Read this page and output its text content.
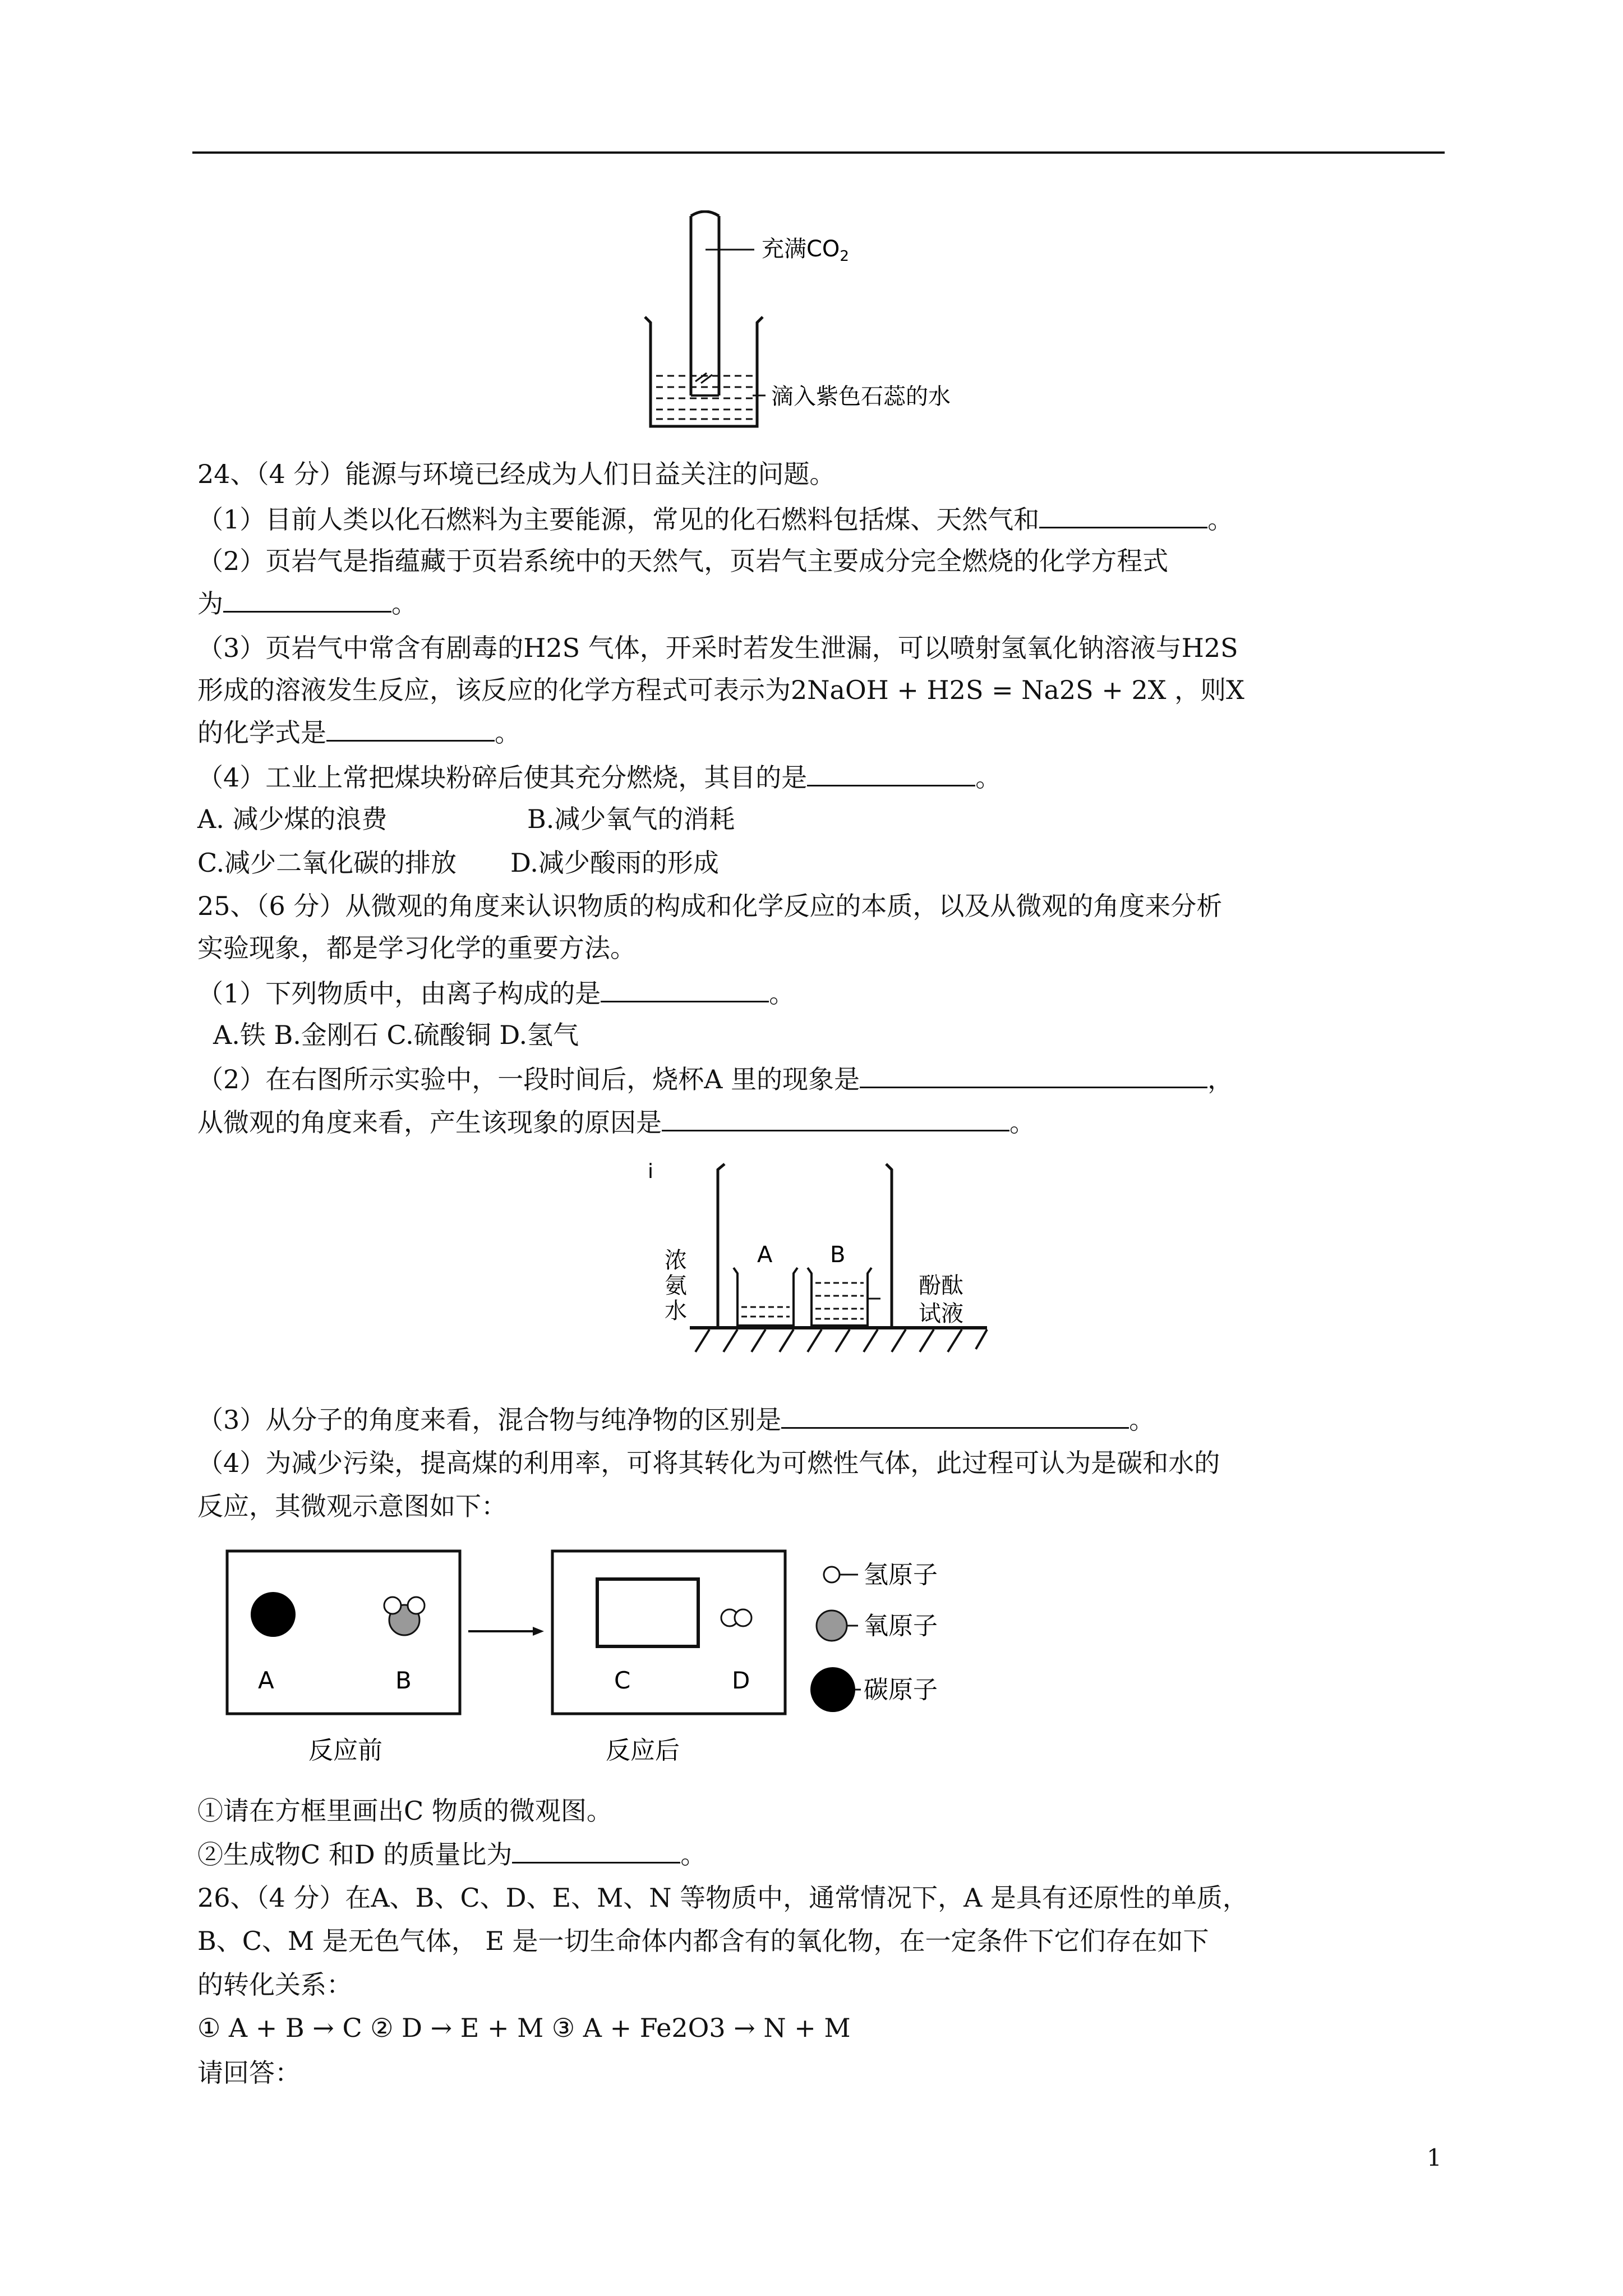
充满$CO_2$
滴入紫色石蕊的水
24、（4 分）能源与环境已经成为人们日益关注的问题。
（1）目前人类以化石燃料为主要能源，常见的化石燃料包括煤、天然气和	。
（2）页岩气是指蕴藏于页岩系统中的天然气，页岩气主要成分完全燃烧的化学方程式
为	。
（3）页岩气中常含有剧毒的H2S 气体，开采时若发生泄漏，可以喷射氢氧化钠溶液与H2S
形成的溶液发生反应，该反应的化学方程式可表示为2NaOH + H2S = Na2S + 2X ，则X
的化学式是	。
（4）工业上常把煤块粉碎后使其充分燃烧，其目的是	。
A. 减少煤的浪费	B.减少氧气的消耗
C.减少二氧化碳的排放 D.减少酸雨的形成
25、（6 分）从微观的角度来认识物质的构成和化学反应的本质，以及从微观的角度来分析
实验现象，都是学习化学的重要方法。
（1）下列物质中，由离子构成的是	。
A.铁 B.金刚石 C.硫酸铜 D.氢气
（2）在右图所示实验中，一段时间后，烧杯A 里的现象是	，
从微观的角度来看，产生该现象的原因是	。
i
A	B
浓
氨
水
酚酞
试液
（3）从分子的角度来看，混合物与纯净物的区别是	。
（4）为减少污染，提高煤的利用率，可将其转化为可燃性气体，此过程可认为是碳和水的
反应，其微观示意图如下：
A	B	C	D
反应前	反应后
氢原子
氧原子
碳原子
①请在方框里画出C 物质的微观图。
②生成物C 和D 的质量比为	。
26、（4 分）在A、B、C、D、E、M、N 等物质中，通常情况下，A 是具有还原性的单质，
B、C、M 是无色气体， E 是一切生命体内都含有的氧化物，在一定条件下它们存在如下
的转化关系：
① A + B → C ② D → E + M ③ A + Fe2O3 → N + M
请回答：
1
